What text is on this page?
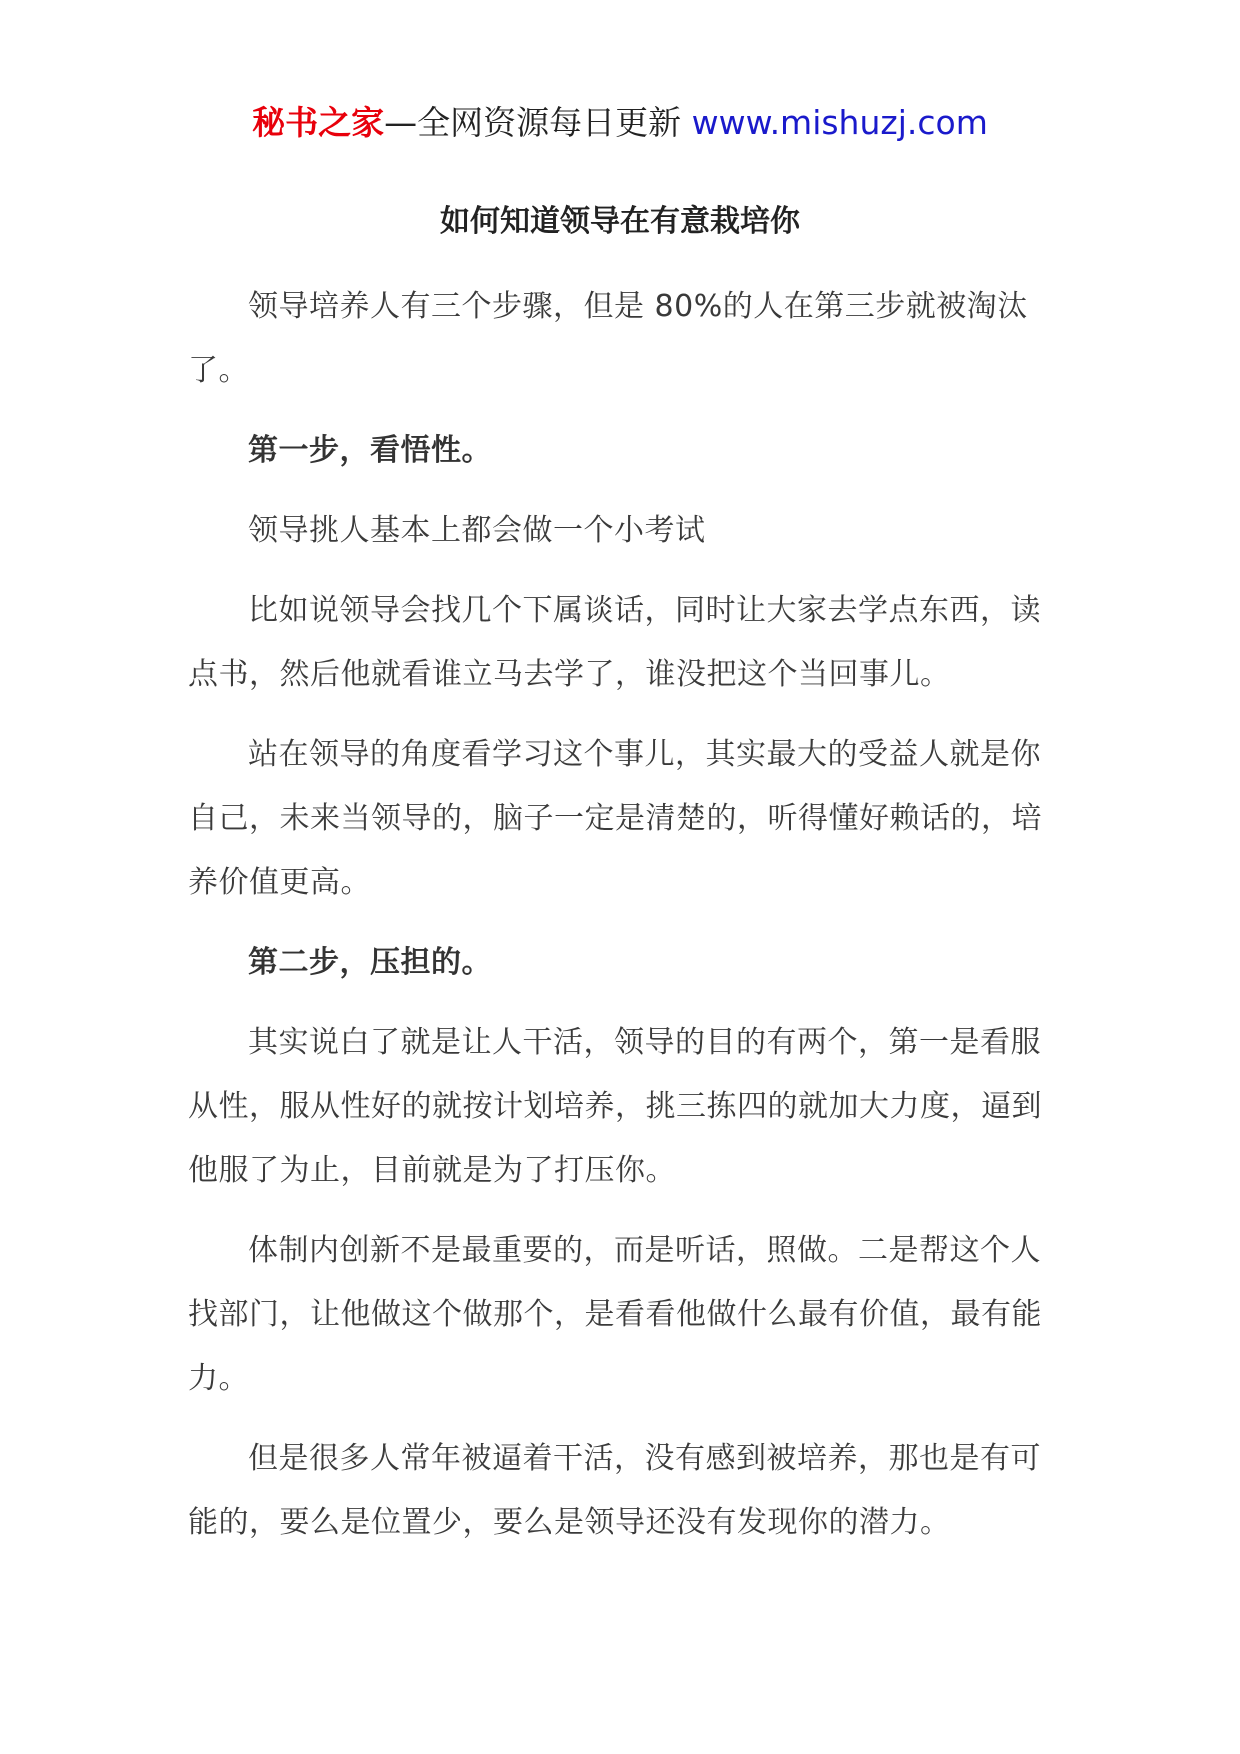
秘书之家—全网资源每日更新 www.mishuzj.com
如何知道领导在有意栽培你

领导培养人有三个步骤，但是 80%的人在第三步就被淘汰了。

第一步，看悟性。

领导挑人基本上都会做一个小考试

比如说领导会找几个下属谈话，同时让大家去学点东西，读点书，然后他就看谁立马去学了，谁没把这个当回事儿。

站在领导的角度看学习这个事儿，其实最大的受益人就是你自己，未来当领导的，脑子一定是清楚的，听得懂好赖话的，培养价值更高。

第二步，压担的。

其实说白了就是让人干活，领导的目的有两个，第一是看服从性，服从性好的就按计划培养，挑三拣四的就加大力度，逼到他服了为止，目前就是为了打压你。

体制内创新不是最重要的，而是听话，照做。二是帮这个人找部门，让他做这个做那个，是看看他做什么最有价值，最有能力。

但是很多人常年被逼着干活，没有感到被培养，那也是有可能的，要么是位置少，要么是领导还没有发现你的潜力。
